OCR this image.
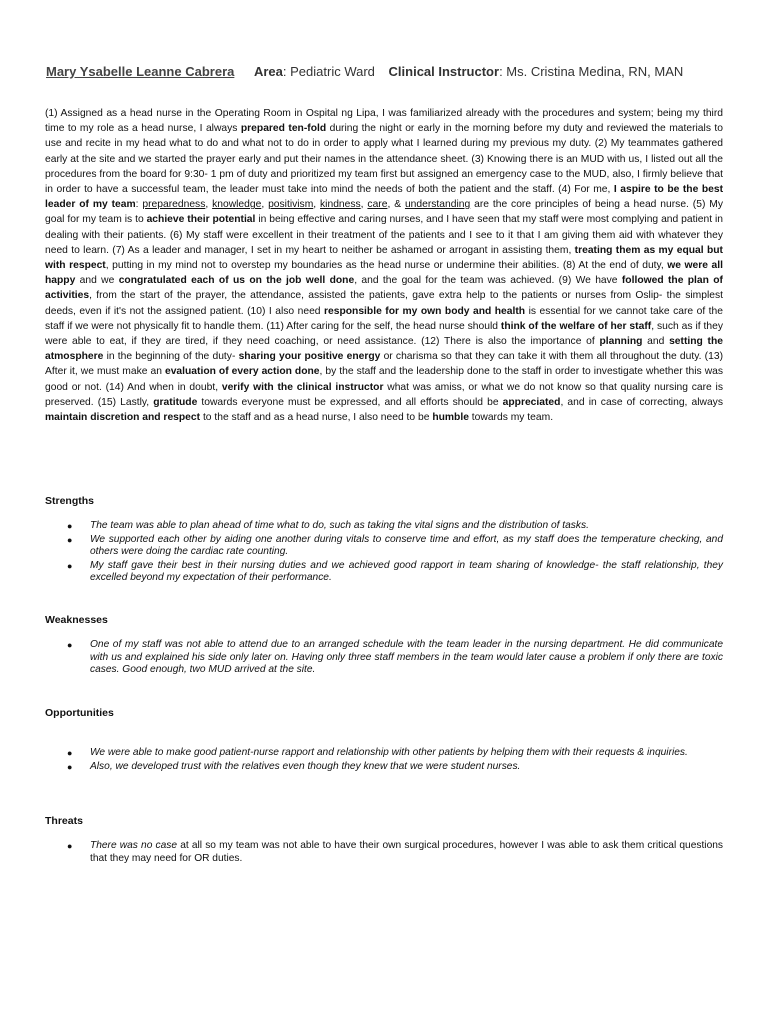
Mary Ysabelle Leanne Cabrera Area: Pediatric Ward Clinical Instructor: Ms. Cristina Medina, RN, MAN
(1) Assigned as a head nurse in the Operating Room in Ospital ng Lipa, I was familiarized already with the procedures and system; being my third time to my role as a head nurse, I always prepared ten-fold during the night or early in the morning before my duty and reviewed the materials to use and recite in my head what to do and what not to do in order to apply what I learned during my previous my duty. (2) My teammates gathered early at the site and we started the prayer early and put their names in the attendance sheet. (3) Knowing there is an MUD with us, I listed out all the procedures from the board for 9:30- 1 pm of duty and prioritized my team first but assigned an emergency case to the MUD, also, I firmly believe that in order to have a successful team, the leader must take into mind the needs of both the patient and the staff. (4) For me, I aspire to be the best leader of my team: preparedness, knowledge, positivism, kindness, care, & understanding are the core principles of being a head nurse. (5) My goal for my team is to achieve their potential in being effective and caring nurses, and I have seen that my staff were most complying and patient in dealing with their patients. (6) My staff were excellent in their treatment of the patients and I see to it that I am giving them aid with whatever they need to learn. (7) As a leader and manager, I set in my heart to neither be ashamed or arrogant in assisting them, treating them as my equal but with respect, putting in my mind not to overstep my boundaries as the head nurse or undermine their abilities. (8) At the end of duty, we were all happy and we congratulated each of us on the job well done, and the goal for the team was achieved. (9) We have followed the plan of activities, from the start of the prayer, the attendance, assisted the patients, gave extra help to the patients or nurses from Oslip- the simplest deeds, even if it's not the assigned patient. (10) I also need responsible for my own body and health is essential for we cannot take care of the staff if we were not physically fit to handle them. (11) After caring for the self, the head nurse should think of the welfare of her staff, such as if they were able to eat, if they are tired, if they need coaching, or need assistance. (12) There is also the importance of planning and setting the atmosphere in the beginning of the duty- sharing your positive energy or charisma so that they can take it with them all throughout the duty. (13) After it, we must make an evaluation of every action done, by the staff and the leadership done to the staff in order to investigate whether this was good or not. (14) And when in doubt, verify with the clinical instructor what was amiss, or what we do not know so that quality nursing care is preserved. (15) Lastly, gratitude towards everyone must be expressed, and all efforts should be appreciated, and in case of correcting, always maintain discretion and respect to the staff and as a head nurse, I also need to be humble towards my team.
Strengths
● The team was able to plan ahead of time what to do, such as taking the vital signs and the distribution of tasks.
● We supported each other by aiding one another during vitals to conserve time and effort, as my staff does the temperature checking, and others were doing the cardiac rate counting.
● My staff gave their best in their nursing duties and we achieved good rapport in team sharing of knowledge- the staff relationship, they excelled beyond my expectation of their performance.
Weaknesses
● One of my staff was not able to attend due to an arranged schedule with the team leader in the nursing department. He did communicate with us and explained his side only later on. Having only three staff members in the team would later cause a problem if only there are toxic cases. Good enough, two MUD arrived at the site.
Opportunities
● We were able to make good patient-nurse rapport and relationship with other patients by helping them with their requests & inquiries.
● Also, we developed trust with the relatives even though they knew that we were student nurses.
Threats
● There was no case at all so my team was not able to have their own surgical procedures, however I was able to ask them critical questions that they may need for OR duties.
